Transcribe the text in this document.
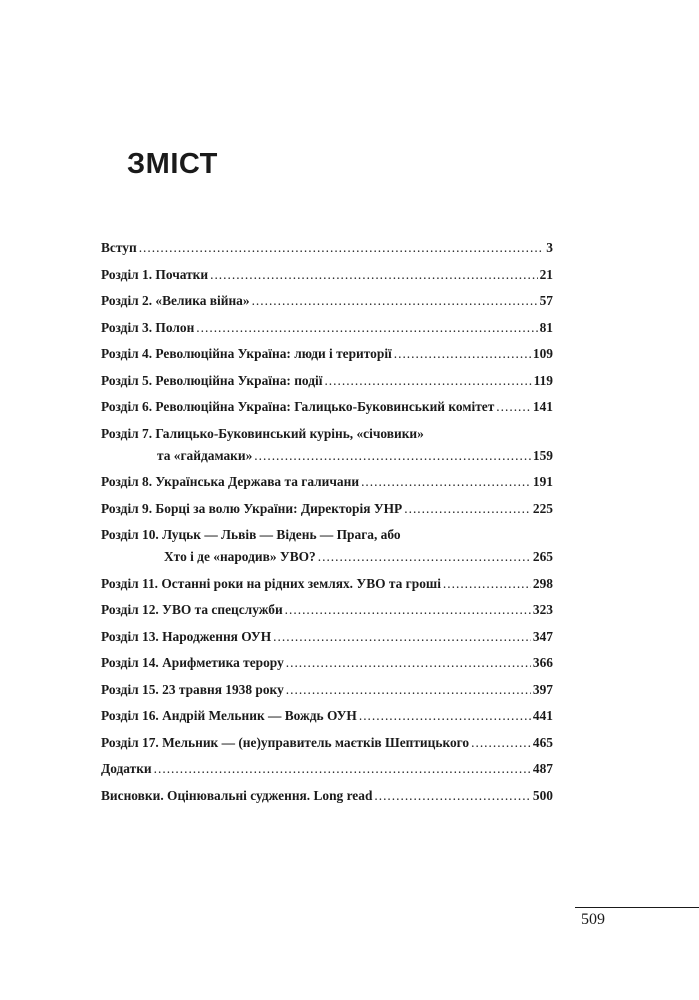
ЗМІСТ
Вступ .....	3
Розділ 1. Початки .....	21
Розділ 2. «Велика війна» .....	57
Розділ 3. Полон .....	81
Розділ 4. Революційна Україна: люди і території .....	109
Розділ 5. Революційна Україна: події .....	119
Розділ 6. Революційна Україна: Галицько-Буковинський комітет .....	141
Розділ 7. Галицько-Буковинський курінь, «січовики»
та «гайдамаки» .....	159
Розділ 8. Українська Держава та галичани .....	191
Розділ 9. Борці за волю України: Директорія УНР .....	225
Розділ 10. Луцьк — Львів — Відень — Прага, або
Хто і де «народив» УВО? .....	265
Розділ 11. Останні роки на рідних землях. УВО та гроші .....	298
Розділ 12. УВО та спецслужби .....	323
Розділ 13. Народження ОУН .....	347
Розділ 14. Арифметика терору .....	366
Розділ 15. 23 травня 1938 року .....	397
Розділ 16. Андрій Мельник — Вождь ОУН .....	441
Розділ 17. Мельник — (не)управитель маєтків Шептицького .....	465
Додатки .....	487
Висновки. Оцінювальні судження. Long read .....	500
509
